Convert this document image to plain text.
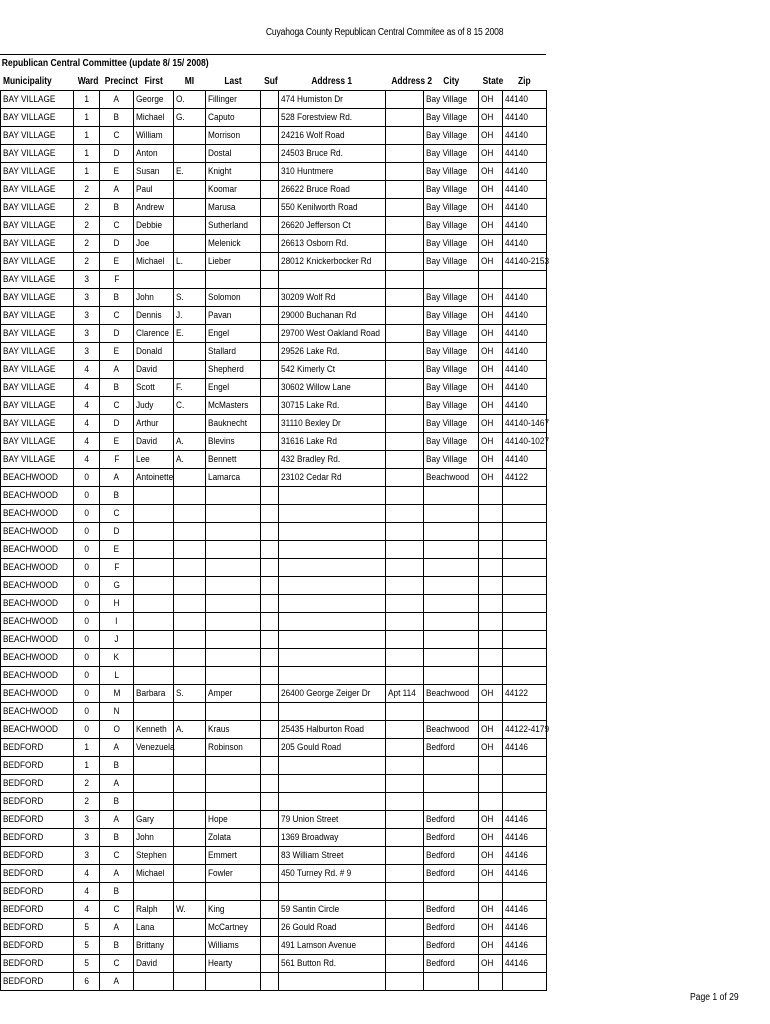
Cuyahoga County Republican Central Commitee as of 8 15 2008
Republican Central Committee (update 8/ 15/ 2008)
Municipality	Ward	Precinct	First	MI	Last	Suf	Address 1	Address 2	City	State	Zip
BAY VILLAGE	1	A	George	O.	Fillinger		474 Humiston Dr		Bay Village	OH	44140
BAY VILLAGE	1	B	Michael	G.	Caputo		528 Forestview Rd.		Bay Village	OH	44140
BAY VILLAGE	1	C	William		Morrison		24216 Wolf Road		Bay Village	OH	44140
BAY VILLAGE	1	D	Anton		Dostal		24503 Bruce Rd.		Bay Village	OH	44140
BAY VILLAGE	1	E	Susan	E.	Knight		310 Huntmere		Bay Village	OH	44140
BAY VILLAGE	2	A	Paul		Koomar		26622 Bruce Road		Bay Village	OH	44140
BAY VILLAGE	2	B	Andrew		Marusa		550 Kenilworth Road		Bay Village	OH	44140
BAY VILLAGE	2	C	Debbie		Sutherland		26620 Jefferson Ct		Bay Village	OH	44140
BAY VILLAGE	2	D	Joe		Melenick		26613 Osborn Rd.		Bay Village	OH	44140
BAY VILLAGE	2	E	Michael	L.	Lieber		28012 Knickerbocker Rd		Bay Village	OH	44140-2153
BAY VILLAGE	3	F									
BAY VILLAGE	3	B	John	S.	Solomon		30209 Wolf Rd		Bay Village	OH	44140
BAY VILLAGE	3	C	Dennis	J.	Pavan		29000 Buchanan Rd		Bay Village	OH	44140
BAY VILLAGE	3	D	Clarence	E.	Engel		29700 West Oakland Road		Bay Village	OH	44140
BAY VILLAGE	3	E	Donald		Stallard		29526 Lake Rd.		Bay Village	OH	44140
BAY VILLAGE	4	A	David		Shepherd		542 Kimerly Ct		Bay Village	OH	44140
BAY VILLAGE	4	B	Scott	F.	Engel		30602 Willow Lane		Bay Village	OH	44140
BAY VILLAGE	4	C	Judy	C.	McMasters		30715 Lake Rd.		Bay Village	OH	44140
BAY VILLAGE	4	D	Arthur		Bauknecht		31110 Bexley Dr		Bay Village	OH	44140-1467
BAY VILLAGE	4	E	David	A.	Blevins		31616 Lake Rd		Bay Village	OH	44140-1027
BAY VILLAGE	4	F	Lee	A.	Bennett		432 Bradley Rd.		Bay Village	OH	44140
BEACHWOOD	0	A	Antoinette		Lamarca		23102 Cedar Rd		Beachwood	OH	44122
BEACHWOOD	0	B									
BEACHWOOD	0	C									
BEACHWOOD	0	D									
BEACHWOOD	0	E									
BEACHWOOD	0	F									
BEACHWOOD	0	G									
BEACHWOOD	0	H									
BEACHWOOD	0	I									
BEACHWOOD	0	J									
BEACHWOOD	0	K									
BEACHWOOD	0	L									
BEACHWOOD	0	M	Barbara	S.	Amper		26400 George Zeiger Dr	Apt 114	Beachwood	OH	44122
BEACHWOOD	0	N									
BEACHWOOD	0	O	Kenneth	A.	Kraus		25435 Halburton Road		Beachwood	OH	44122-4179
BEDFORD	1	A	Venezuela		Robinson		205 Gould Road		Bedford	OH	44146
BEDFORD	1	B									
BEDFORD	2	A									
BEDFORD	2	B									
BEDFORD	3	A	Gary		Hope		79 Union Street		Bedford	OH	44146
BEDFORD	3	B	John		Zolata		1369 Broadway		Bedford	OH	44146
BEDFORD	3	C	Stephen		Emmert		83 William Street		Bedford	OH	44146
BEDFORD	4	A	Michael		Fowler		450 Turney Rd. # 9		Bedford	OH	44146
BEDFORD	4	B									
BEDFORD	4	C	Ralph	W.	King		59 Santin Circle		Bedford	OH	44146
BEDFORD	5	A	Lana		McCartney		26 Gould Road		Bedford	OH	44146
BEDFORD	5	B	Brittany		Williams		491 Lamson Avenue		Bedford	OH	44146
BEDFORD	5	C	David		Hearty		561 Button Rd.		Bedford	OH	44146
BEDFORD	6	A									
Page 1 of 29
